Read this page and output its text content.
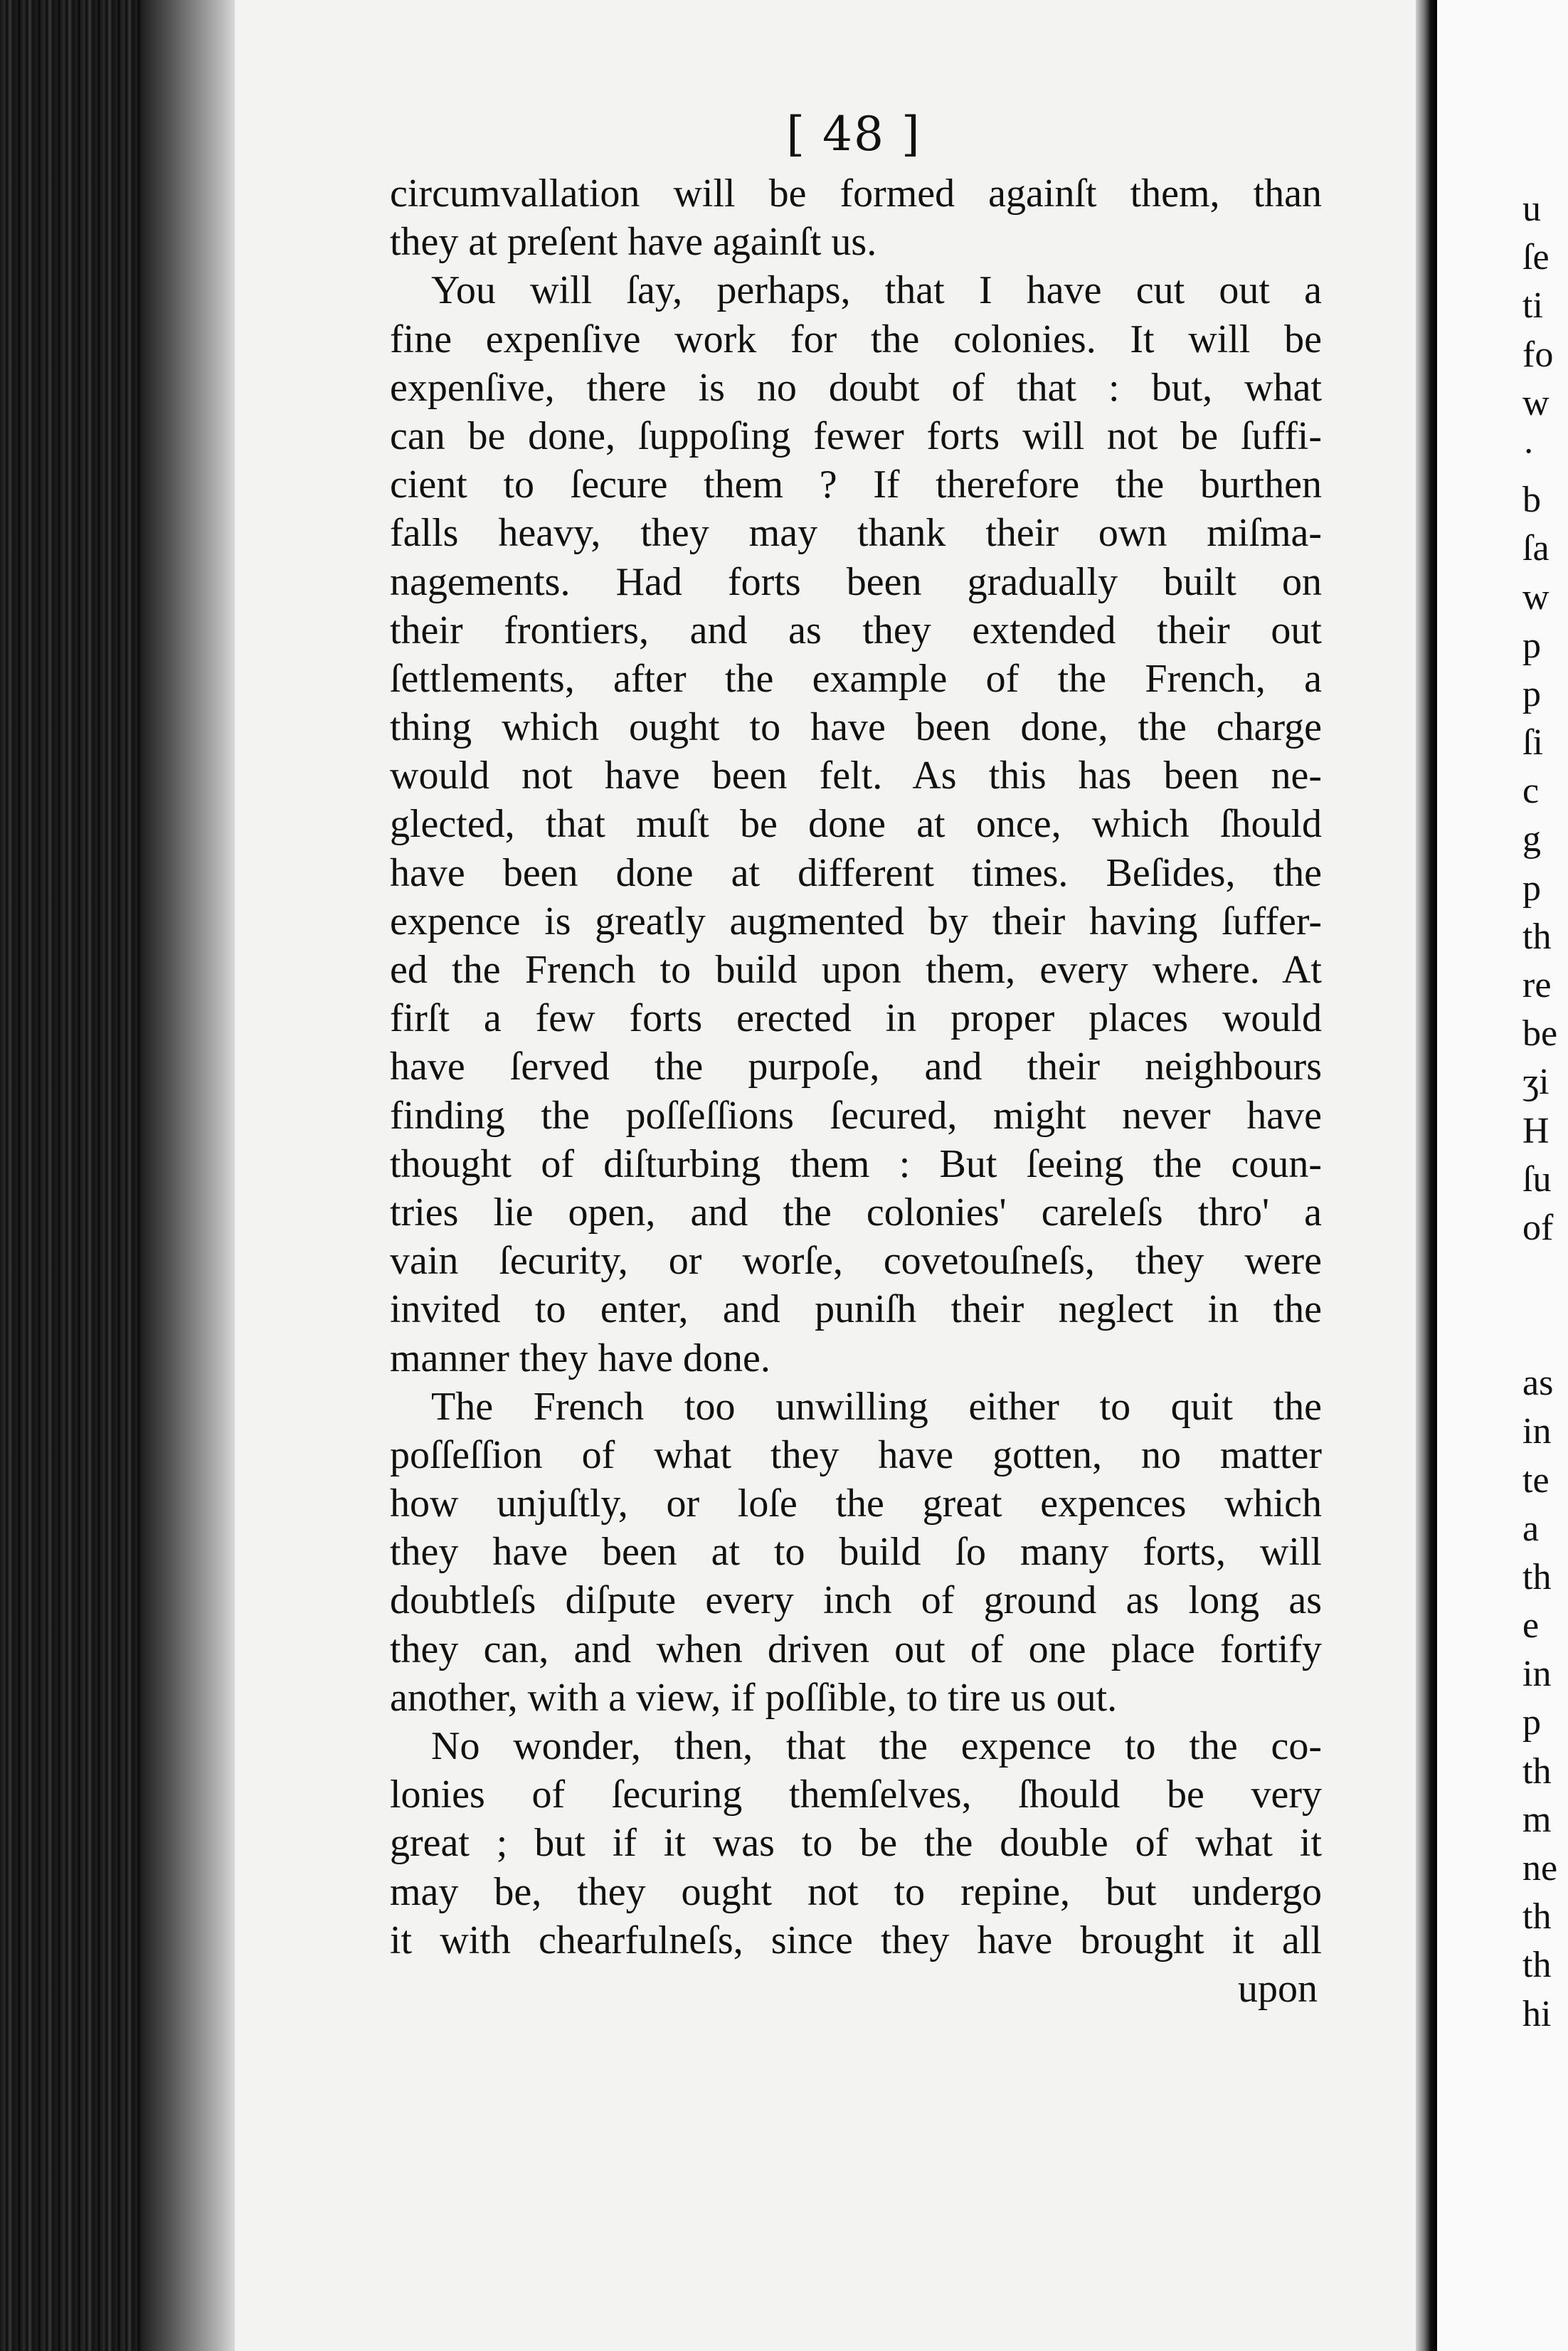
[ 48 ]
circumvallation will be formed againſt them, than
they at preſent have againſt us.
You will ſay, perhaps, that I have cut out a
fine expenſive work for the colonies. It will be
expenſive, there is no doubt of that : but, what
can be done, ſuppoſing fewer forts will not be ſuffi-
cient to ſecure them ? If therefore the burthen
falls heavy, they may thank their own miſma-
nagements. Had forts been gradually built on
their frontiers, and as they extended their out
ſettlements, after the example of the French, a
thing which ought to have been done, the charge
would not have been felt. As this has been ne-
glected, that muſt be done at once, which ſhould
have been done at different times. Beſides, the
expence is greatly augmented by their having ſuffer-
ed the French to build upon them, every where. At
firſt a few forts erected in proper places would
have ſerved the purpoſe, and their neighbours
finding the poſſeſſions ſecured, might never have
thought of diſturbing them : But ſeeing the coun-
tries lie open, and the colonies' careleſs thro' a
vain ſecurity, or worſe, covetouſneſs, they were
invited to enter, and puniſh their neglect in the
manner they have done.
The French too unwilling either to quit the
poſſeſſion of what they have gotten, no matter
how unjuſtly, or loſe the great expences which
they have been at to build ſo many forts, will
doubtleſs diſpute every inch of ground as long as
they can, and when driven out of one place fortify
another, with a view, if poſſible, to tire us out.
No wonder, then, that the expence to the co-
lonies of ſecuring themſelves, ſhould be very
great ; but if it was to be the double of what it
may be, they ought not to repine, but undergo
it with chearfulneſs, since they have brought it all
upon
u
ſe
ti
fo
w
·
b
ſa
w
p
p
ſi
c
g
p
th
re
be
ʒi
H
ſu
of
as
in
te
a
th
e
in
p
th
m
ne
th
th
hi
